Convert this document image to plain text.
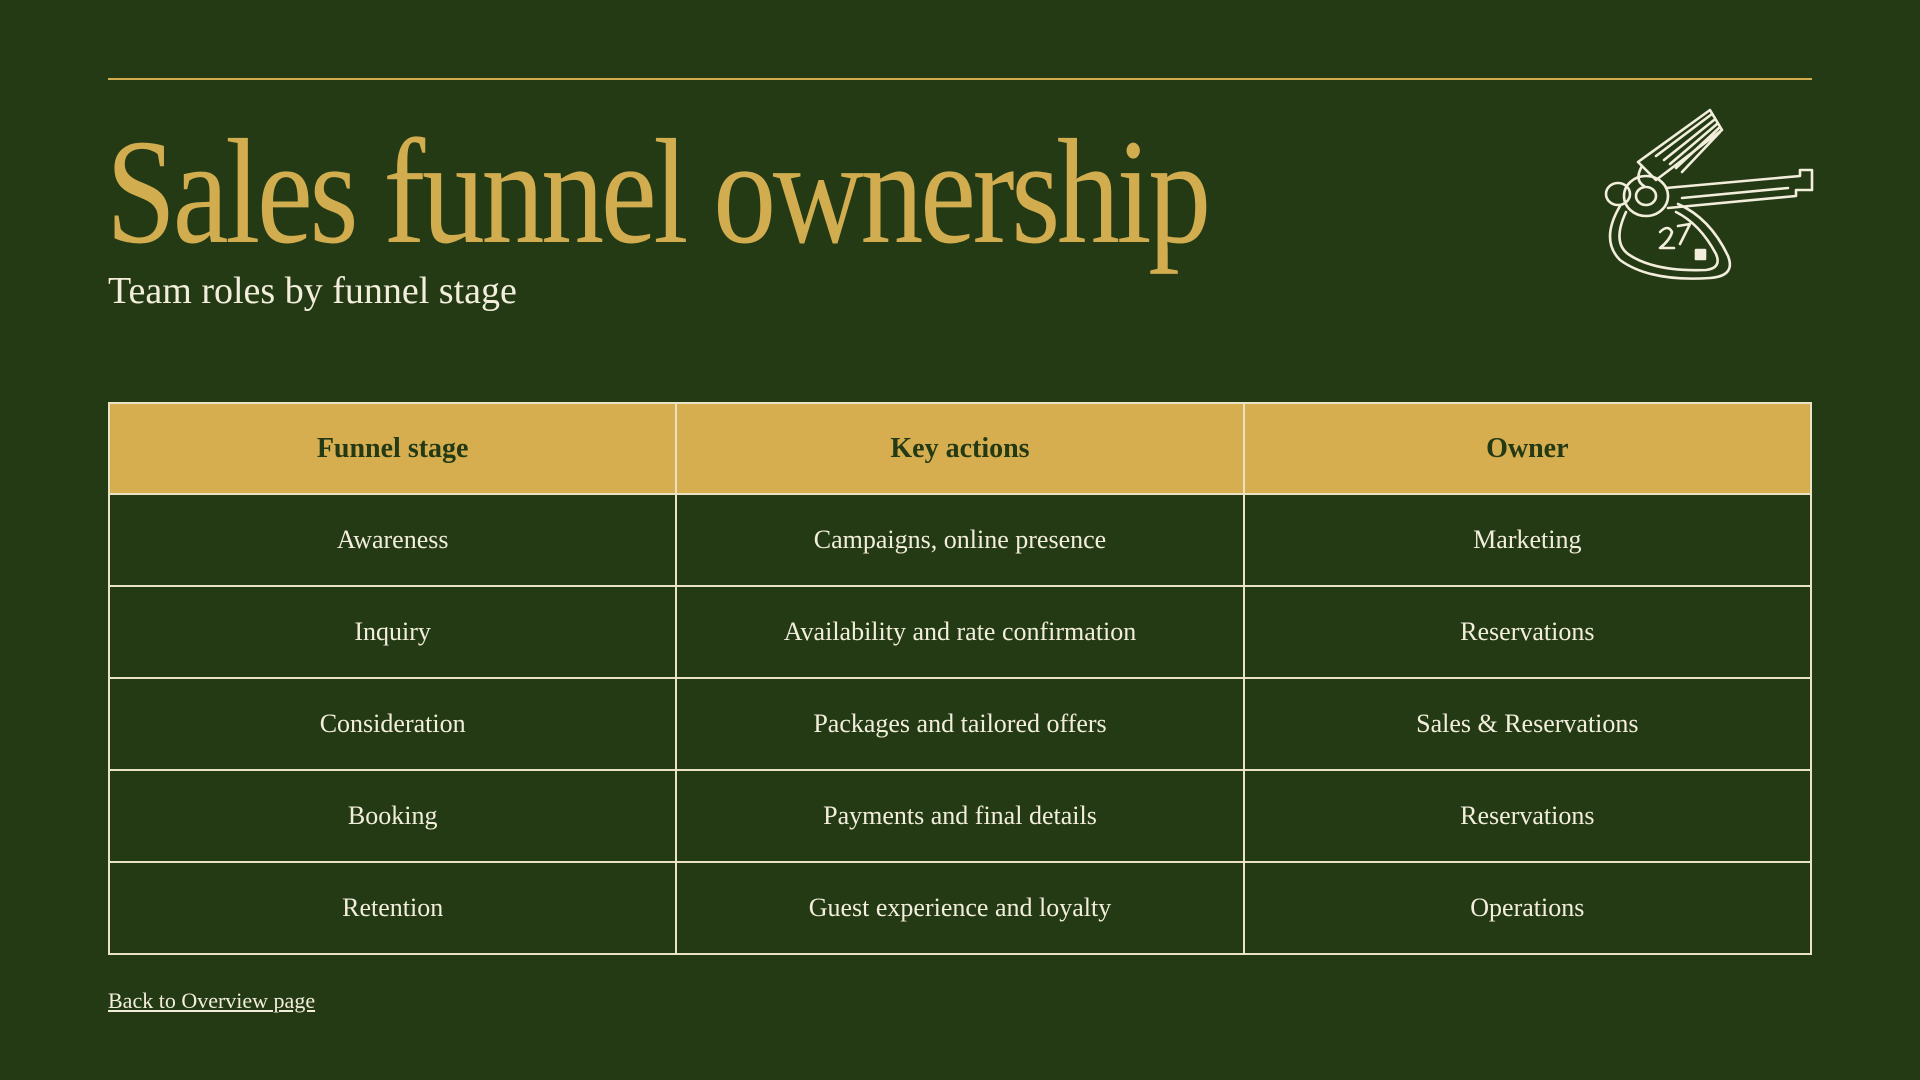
Sales funnel ownership

Team roles by funnel stage

Funnel stage	Key actions	Owner
Awareness	Campaigns, online presence	Marketing
Inquiry	Availability and rate confirmation	Reservations
Consideration	Packages and tailored offers	Sales & Reservations
Booking	Payments and final details	Reservations
Retention	Guest experience and loyalty	Operations
Back to Overview page
